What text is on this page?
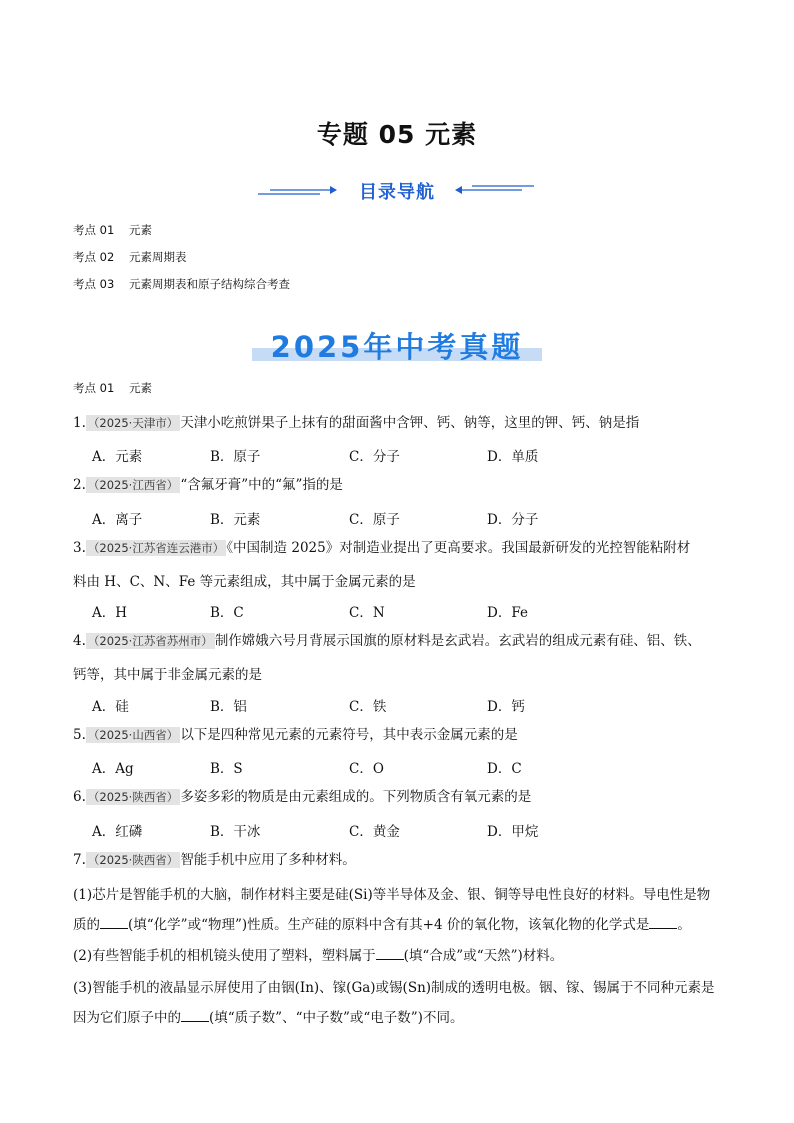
专题 05 元素
目录导航
考点 01 元素
考点 02 元素周期表
考点 03 元素周期表和原子结构综合考查
2025年中考真题
考点 01 元素
1. （2025·天津市） 天津小吃煎饼果子上抹有的甜面酱中含钾、钙、钠等，这里的钾、钙、钠是指
A．元素	B．原子	C．分子	D．单质
2. （2025·江西省） “含氟牙膏”中的“氟”指的是
A．离子	B．元素	C．原子	D．分子
3. （2025·江苏省连云港市） 《中国制造 2025》对制造业提出了更高要求。我国最新研发的光控智能粘附材
料由 H、C、N、Fe 等元素组成，其中属于金属元素的是
A．H	B．C	C．N	D．Fe
4. （2025·江苏省苏州市） 制作嫦娥六号月背展示国旗的原材料是玄武岩。玄武岩的组成元素有硅、铝、铁、
钙等，其中属于非金属元素的是
A．硅	B．铝	C．铁	D．钙
5. （2025·山西省） 以下是四种常见元素的元素符号，其中表示金属元素的是
A．Ag	B．S	C．O	D．C
6. （2025·陕西省） 多姿多彩的物质是由元素组成的。下列物质含有氧元素的是
A．红磷	B．干冰	C．黄金	D．甲烷
7. （2025·陕西省） 智能手机中应用了多种材料。
(1)芯片是智能手机的大脑，制作材料主要是硅(Si)等半导体及金、银、铜等导电性良好的材料。导电性是物
质的 (填“化学”或“物理”)性质。生产硅的原料中含有其+4 价的氧化物，该氧化物的化学式是 。
(2)有些智能手机的相机镜头使用了塑料，塑料属于 (填“合成”或“天然”)材料。
(3)智能手机的液晶显示屏使用了由铟(In)、镓(Ga)或锡(Sn)制成的透明电极。铟、镓、锡属于不同种元素是
因为它们原子中的 (填“质子数”、“中子数”或“电子数”)不同。
